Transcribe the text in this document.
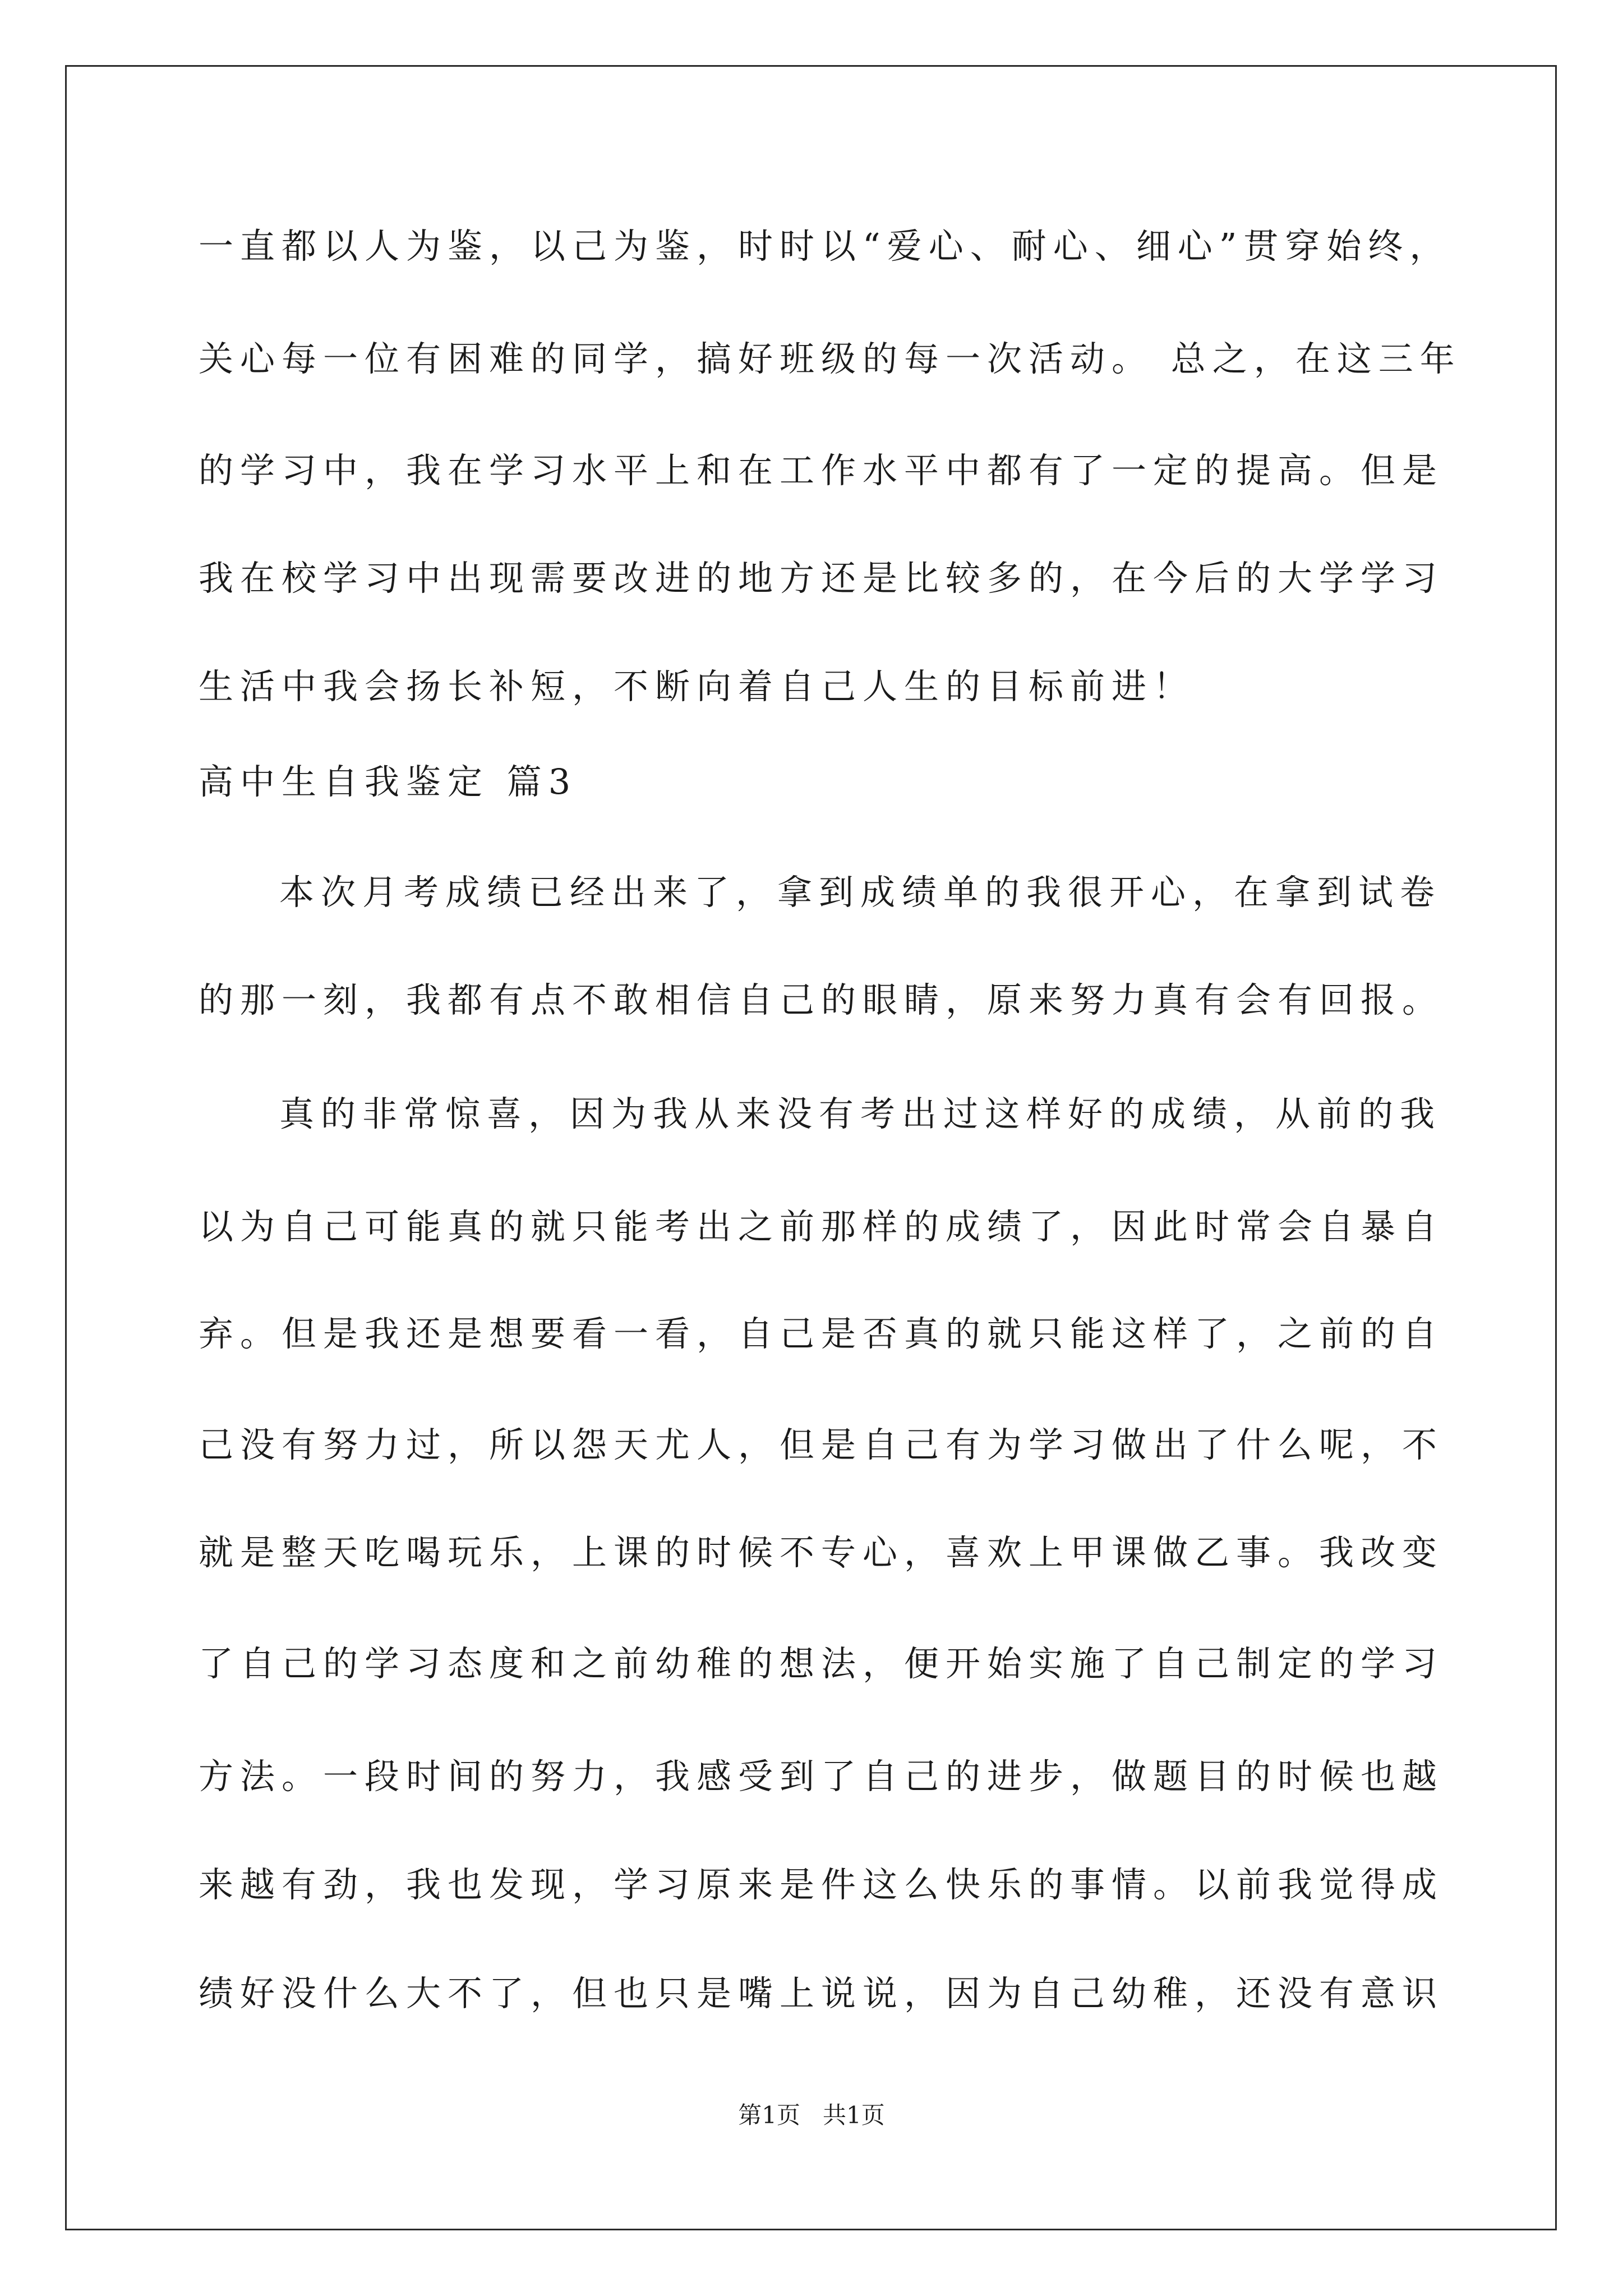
一直都以人为鉴，以己为鉴，时时以“爱心、耐心、细心”贯穿始终，
关心每一位有困难的同学，搞好班级的每一次活动。 总之，在这三年
的学习中，我在学习水平上和在工作水平中都有了一定的提高。但是
我在校学习中出现需要改进的地方还是比较多的，在今后的大学学习
生活中我会扬长补短，不断向着自己人生的目标前进！
高中生自我鉴定 篇3
本次月考成绩已经出来了，拿到成绩单的我很开心，在拿到试卷
的那一刻，我都有点不敢相信自己的眼睛，原来努力真有会有回报。
真的非常惊喜，因为我从来没有考出过这样好的成绩，从前的我
以为自己可能真的就只能考出之前那样的成绩了，因此时常会自暴自
弃。但是我还是想要看一看，自己是否真的就只能这样了，之前的自
己没有努力过，所以怨天尤人，但是自己有为学习做出了什么呢，不
就是整天吃喝玩乐，上课的时候不专心，喜欢上甲课做乙事。我改变
了自己的学习态度和之前幼稚的想法，便开始实施了自己制定的学习
方法。一段时间的努力，我感受到了自己的进步，做题目的时候也越
来越有劲，我也发现，学习原来是件这么快乐的事情。以前我觉得成
绩好没什么大不了，但也只是嘴上说说，因为自己幼稚，还没有意识
第1页 共1页
